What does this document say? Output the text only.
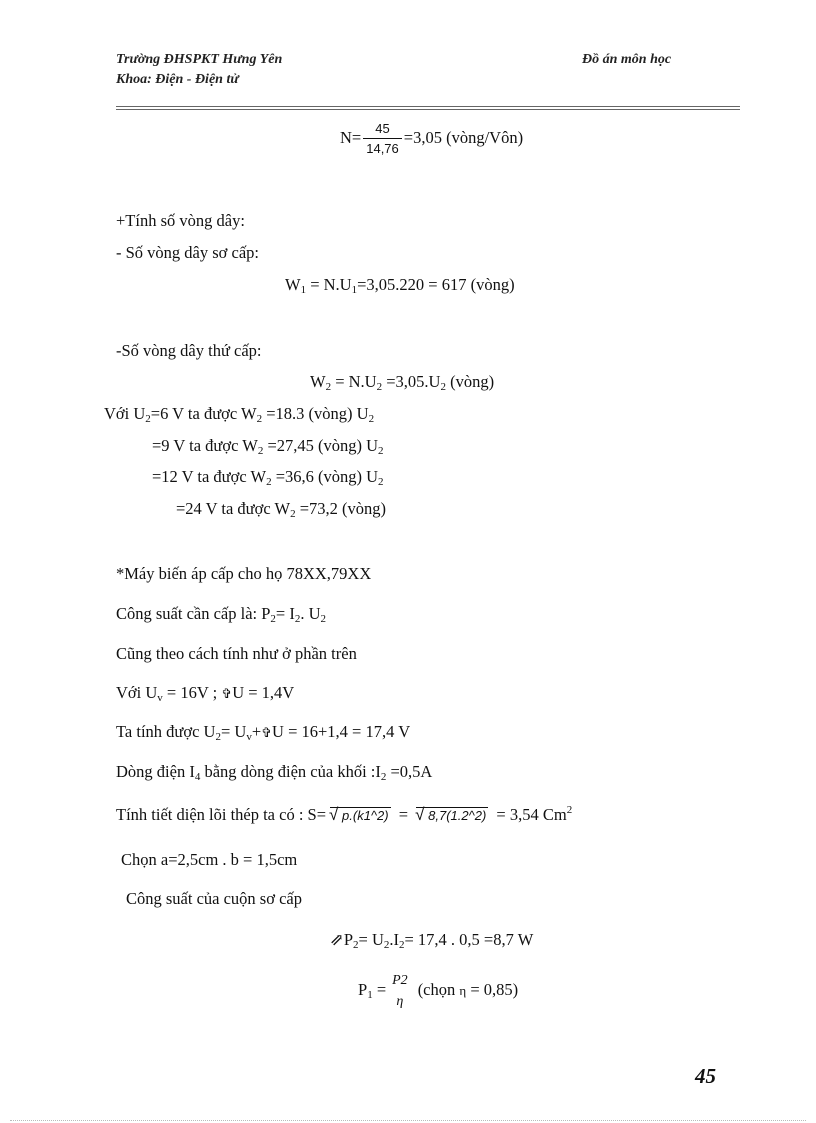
Trường ĐHSPKT Hưng Yên
Khoa: Điện - Điện tử
Đồ án môn học
$N= \frac{45}{14,76} =3,05$ (vòng/Vôn)
+Tính số vòng dây:
- Số vòng dây sơ cấp:
$W_1 = N.U_1=3,05.220 = 617$ (vòng)
-Số vòng dây thứ cấp:
$W_2 = N.U_2 =3,05.U_2$ (vòng)
Với $U_2=6$ V ta được $W_2 =18.3$ (vòng) $U_2$
=9 V ta được $W_2 =27,45$ (vòng) $U_2$
=12 V ta được $W_2 =36,6$ (vòng) $U_2$
=24 V ta được $W_2 =73,2$ (vòng)
*Máy biến áp cấp cho họ 78XX,79XX
Công suất cần cấp là: $P_2= I_2$. $U_2$
Cũng theo cách tính như ở phần trên
Với $U_v = 16V$ ; ✞U = 1,4V
Ta tính được $U_2=$ $U_v+✞U = 16+1,4 = 17,4$ V
Dòng điện $I_4$ bằng dòng điện của khối $:I_2 =0,5A$
Tính tiết diện lõi thép ta có : S= √ p.(k1^2) = √ 8,7(1.2^2) = 3,54 Cm$^2$
Chọn a=2,5cm . b = 1,5cm
Công suất của cuộn sơ cấp
$⇗P_2= U_2.I_2= 17,4$ . 0,5 =8,7 W
$P_1 = P2$
η
(chọn η = 0,85)
45
